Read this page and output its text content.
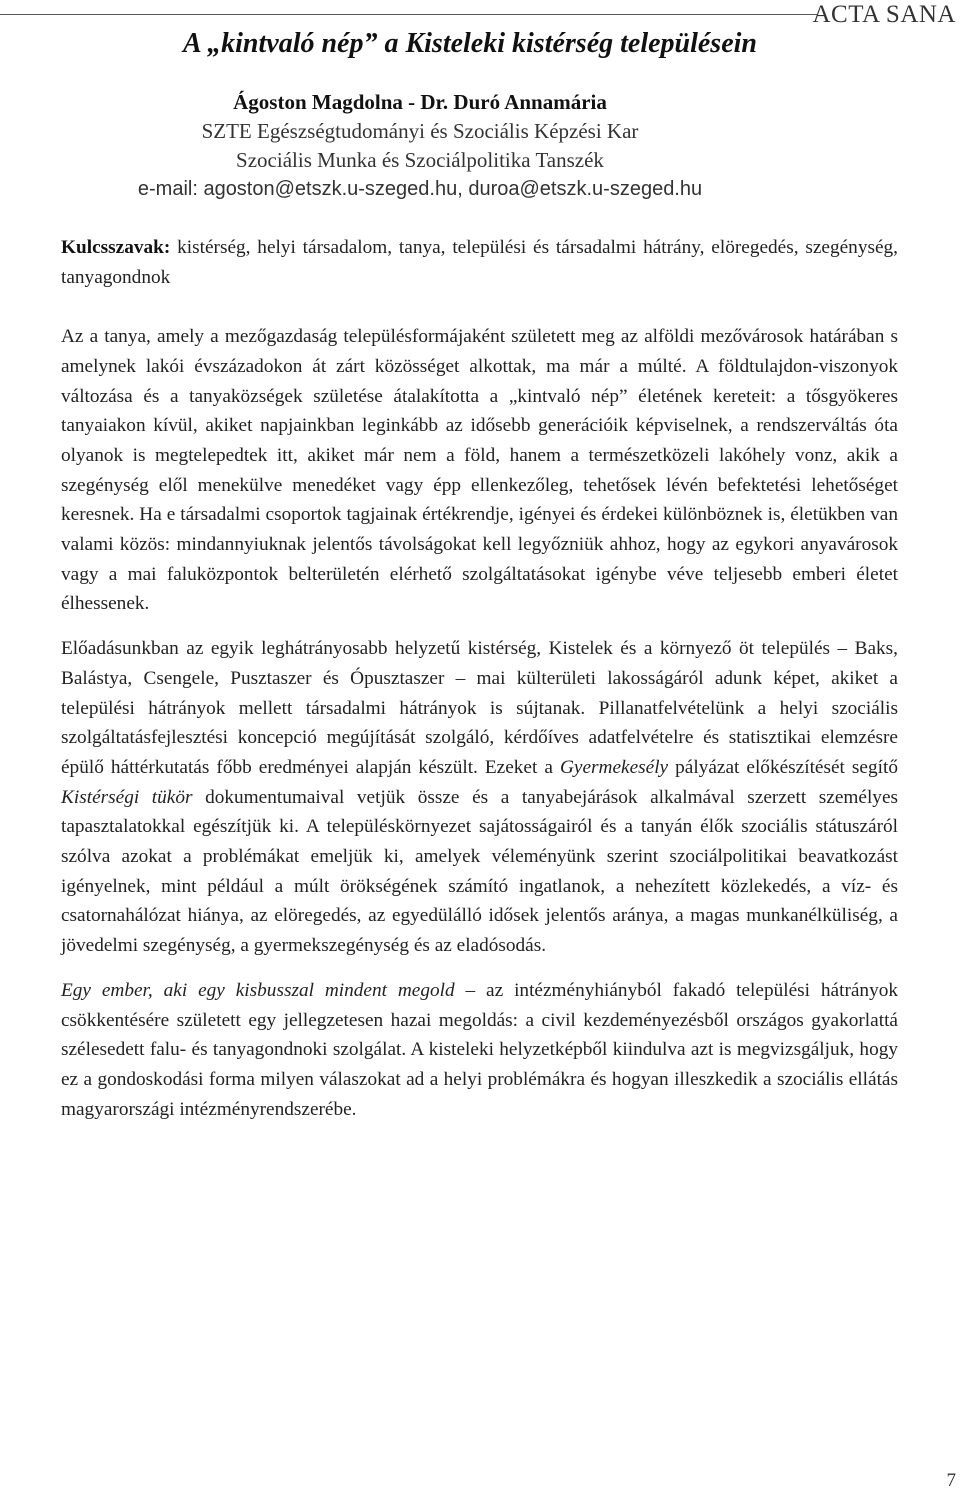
ACTA SANA
A „kintvaló nép” a Kisteleki kistérség településein
Ágoston Magdolna - Dr. Duró Annamária
SZTE Egészségtudományi és Szociális Képzési Kar
Szociális Munka és Szociálpolitika Tanszék
e-mail: agoston@etszk.u-szeged.hu, duroa@etszk.u-szeged.hu

Kulcsszavak: kistérség, helyi társadalom, tanya, települési és társadalmi hátrány, elöregedés, szegénység, tanyagondnok

Az a tanya, amely a mezőgazdaság településformájaként született meg az alföldi mezővárosok határában s amelynek lakói évszázadokon át zárt közösséget alkottak, ma már a múlté. A földtulajdon-viszonyok változása és a tanyaközségek születése átalakította a „kintvaló nép” életének kereteit: a tősgyökeres tanyaiakon kívül, akiket napjainkban leginkább az idősebb generációik képviselnek, a rendszerváltás óta olyanok is megtelepedtek itt, akiket már nem a föld, hanem a természetközeli lakóhely vonz, akik a szegénység elől menekülve menedéket vagy épp ellenkezőleg, tehetősek lévén befektetési lehetőséget keresnek. Ha e társadalmi csoportok tagjainak értékrendje, igényei és érdekei különböznek is, életükben van valami közös: mindannyiuknak jelentős távolságokat kell legyőzniük ahhoz, hogy az egykori anyavárosok vagy a mai faluközpontok belterületén elérhető szolgáltatásokat igénybe véve teljesebb emberi életet élhessenek.

Előadásunkban az egyik leghátrányosabb helyzetű kistérség, Kistelek és a környező öt település – Baks, Balástya, Csengele, Pusztaszer és Ópusztaszer – mai külterületi lakosságáról adunk képet, akiket a települési hátrányok mellett társadalmi hátrányok is sújtanak. Pillanatfelvételünk a helyi szociális szolgáltatásfejlesztési koncepció megújítását szolgáló, kérdőíves adatfelvételre és statisztikai elemzésre épülő háttérkutatás főbb eredményei alapján készült. Ezeket a Gyermekesély pályázat előkészítését segítő Kistérségi tükör dokumentumaival vetjük össze és a tanyabejárások alkalmával szerzett személyes tapasztalatokkal egészítjük ki. A településkörnyezet sajátosságairól és a tanyán élők szociális státuszáról szólva azokat a problémákat emeljük ki, amelyek véleményünk szerint szociálpolitikai beavatkozást igényelnek, mint például a múlt örökségének számító ingatlanok, a nehezített közlekedés, a víz- és csatornahálózat hiánya, az elöregedés, az egyedülálló idősek jelentős aránya, a magas munkanélküliség, a jövedelmi szegénység, a gyermekszegénység és az eladósodás.

Egy ember, aki egy kisbusszal mindent megold – az intézményhiányból fakadó települési hátrányok csökkentésére született egy jellegzetesen hazai megoldás: a civil kezdeményezésből országos gyakorlattá szélesedett falu- és tanyagondnoki szolgálat. A kisteleki helyzetképből kiindulva azt is megvizsgáljuk, hogy ez a gondoskodási forma milyen válaszokat ad a helyi problémákra és hogyan illeszkedik a szociális ellátás magyarországi intézményrendszerébe.

7
